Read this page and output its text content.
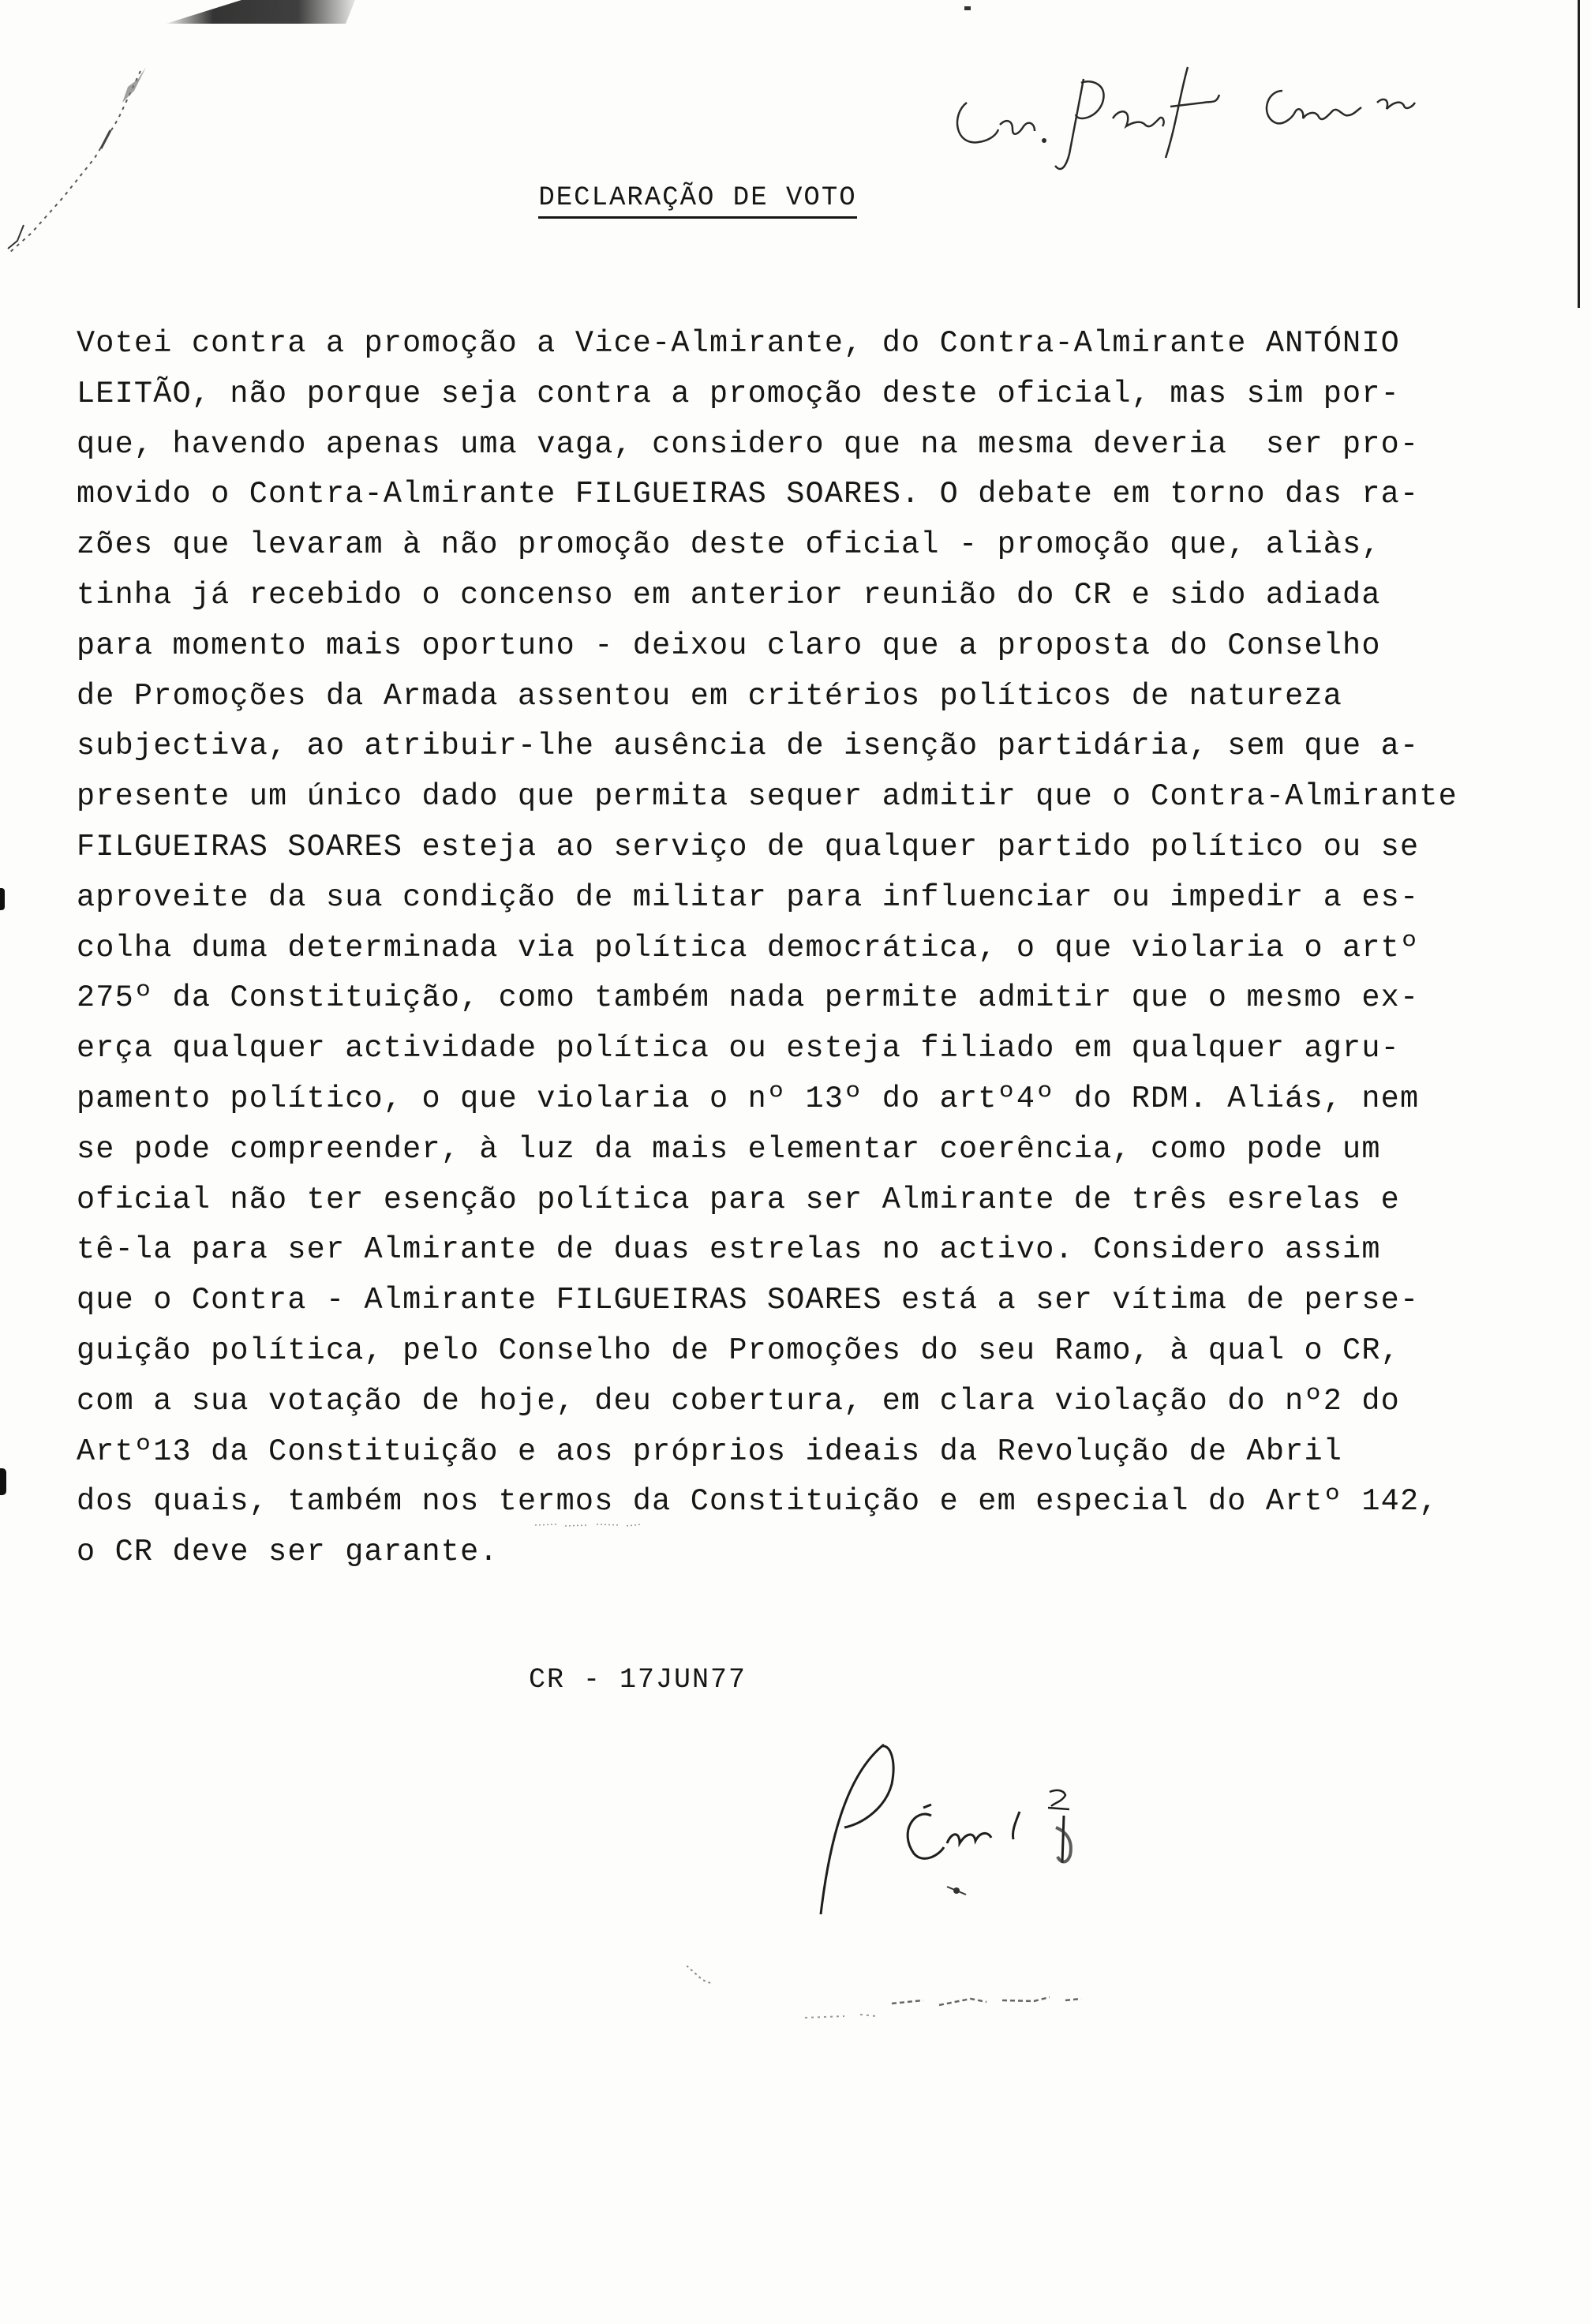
Cn. Bjast Corri
DECLARAÇÃO DE VOTO
Votei contra a promoção a Vice-Almirante, do Contra-Almirante ANTÓNIO
LEITÃO, não porque seja contra a promoção deste oficial, mas sim por-
que, havendo apenas uma vaga, considero que na mesma deveria  ser pro-
movido o Contra-Almirante FILGUEIRAS SOARES. O debate em torno das ra-
zões que levaram à não promoção deste oficial - promoção que, aliàs,
tinha já recebido o concenso em anterior reunião do CR e sido adiada
para momento mais oportuno - deixou claro que a proposta do Conselho
de Promoções da Armada assentou em critérios políticos de natureza
subjectiva, ao atribuir-lhe ausência de isenção partidária, sem que a-
presente um único dado que permita sequer admitir que o Contra-Almirante
FILGUEIRAS SOARES esteja ao serviço de qualquer partido político ou se
aproveite da sua condição de militar para influenciar ou impedir a es-
colha duma determinada via política democrática, o que violaria o artº
275º da Constituição, como também nada permite admitir que o mesmo ex-
erça qualquer actividade política ou esteja filiado em qualquer agru-
pamento político, o que violaria o nº 13º do artº4º do RDM. Aliás, nem
se pode compreender, à luz da mais elementar coerência, como pode um
oficial não ter esenção política para ser Almirante de três esrelas e
tê-la para ser Almirante de duas estrelas no activo. Considero assim
que o Contra - Almirante FILGUEIRAS SOARES está a ser vítima de perse-
guição política, pelo Conselho de Promoções do seu Ramo, à qual o CR,
com a sua votação de hoje, deu cobertura, em clara violação do nº2 do
Artº13 da Constituição e aos próprios ideais da Revolução de Abril
dos quais, também nos termos da Constituição e em especial do Artº 142,
o CR deve ser garante.
CR - 17JUN77
